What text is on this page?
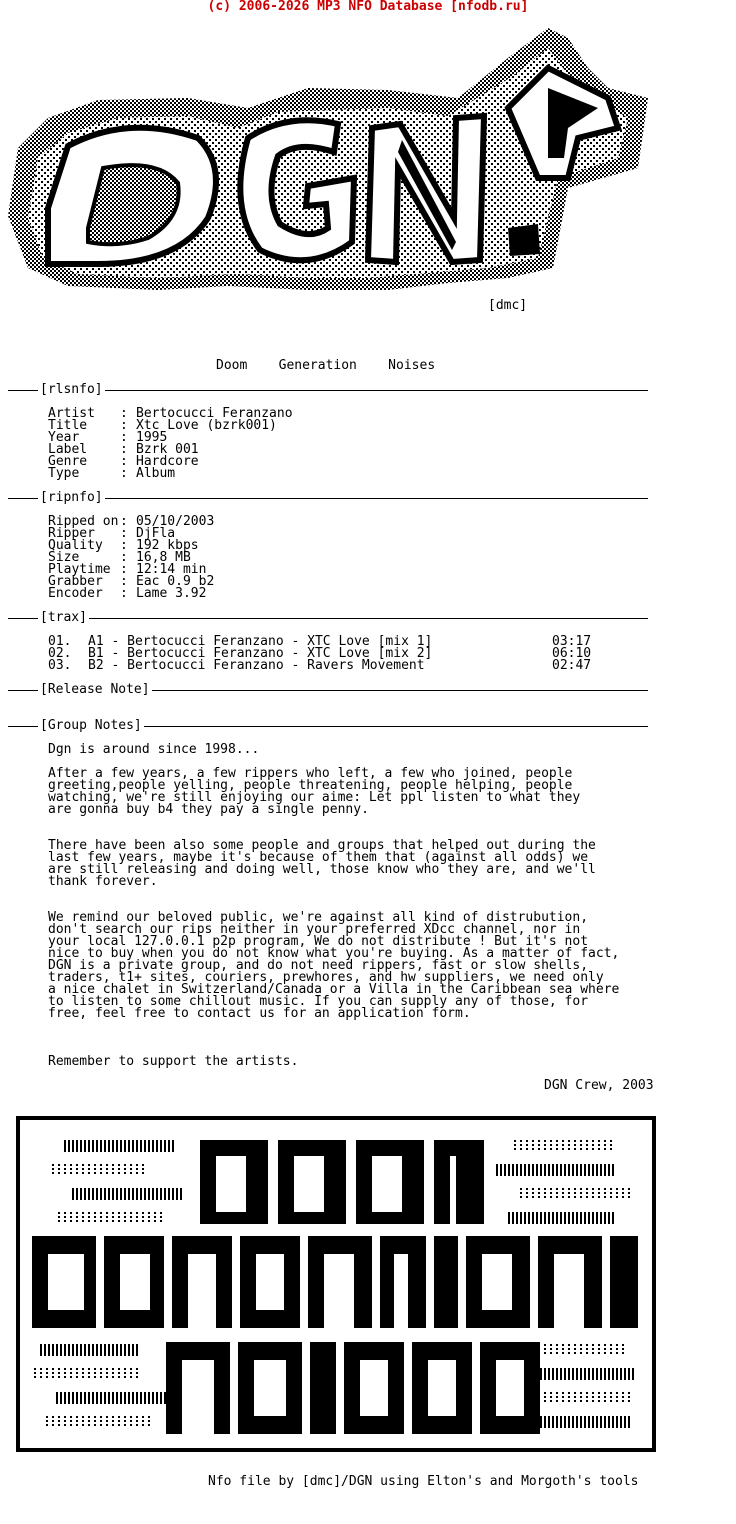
(c) 2006-2026 MP3 NFO Database [nfodb.ru]
[dmc]
Doom    Generation    Noises
[rlsnfo]
Artist : Bertocucci Feranzano
Title	: Xtc Love (bzrk001)
Year	: 1995
Label	: Bzrk 001
Genre	: Hardcore
Type	: Album
[ripnfo]
Ripped on : 05/10/2003
Ripper : DjFla
Quality : 192 kbps
Size	: 16,8 MB
Playtime : 12:14 min
Grabber : Eac 0.9 b2
Encoder : Lame 3.92
[trax]
01. A1 - Bertocucci Feranzano - XTC Love [mix 1]	03:17
02. B1 - Bertocucci Feranzano - XTC Love [mix 2]	06:10
03. B2 - Bertocucci Feranzano - Ravers Movement	02:47
[Release Note]
[Group Notes]
Dgn is around since 1998...
After a few years, a few rippers who left, a few who joined, people
greeting,people yelling, people threatening, people helping, people
watching, we're still enjoying our aime: Let ppl listen to what they
are gonna buy b4 they pay a single penny.
There have been also some people and groups that helped out during the
last few years, maybe it's because of them that (against all odds) we
are still releasing and doing well, those know who they are, and we'll
thank forever.
We remind our beloved public, we're against all kind of distrubution,
don't search our rips neither in your preferred XDcc channel, nor in
your local 127.0.0.1 p2p program, We do not distribute ! But it's not
nice to buy when you do not know what you're buying. As a matter of fact,
DGN is a private group, and do not need rippers, fast or slow shells,
traders, t1+ sites, couriers, prewhores, and hw suppliers, we need only
a nice chalet in Switzerland/Canada or a Villa in the Caribbean sea where
to listen to some chillout music. If you can supply any of those, for
free, feel free to contact us for an application form.
Remember to support the artists.
DGN Crew, 2003
Nfo file by [dmc]/DGN using Elton's and Morgoth's tools
